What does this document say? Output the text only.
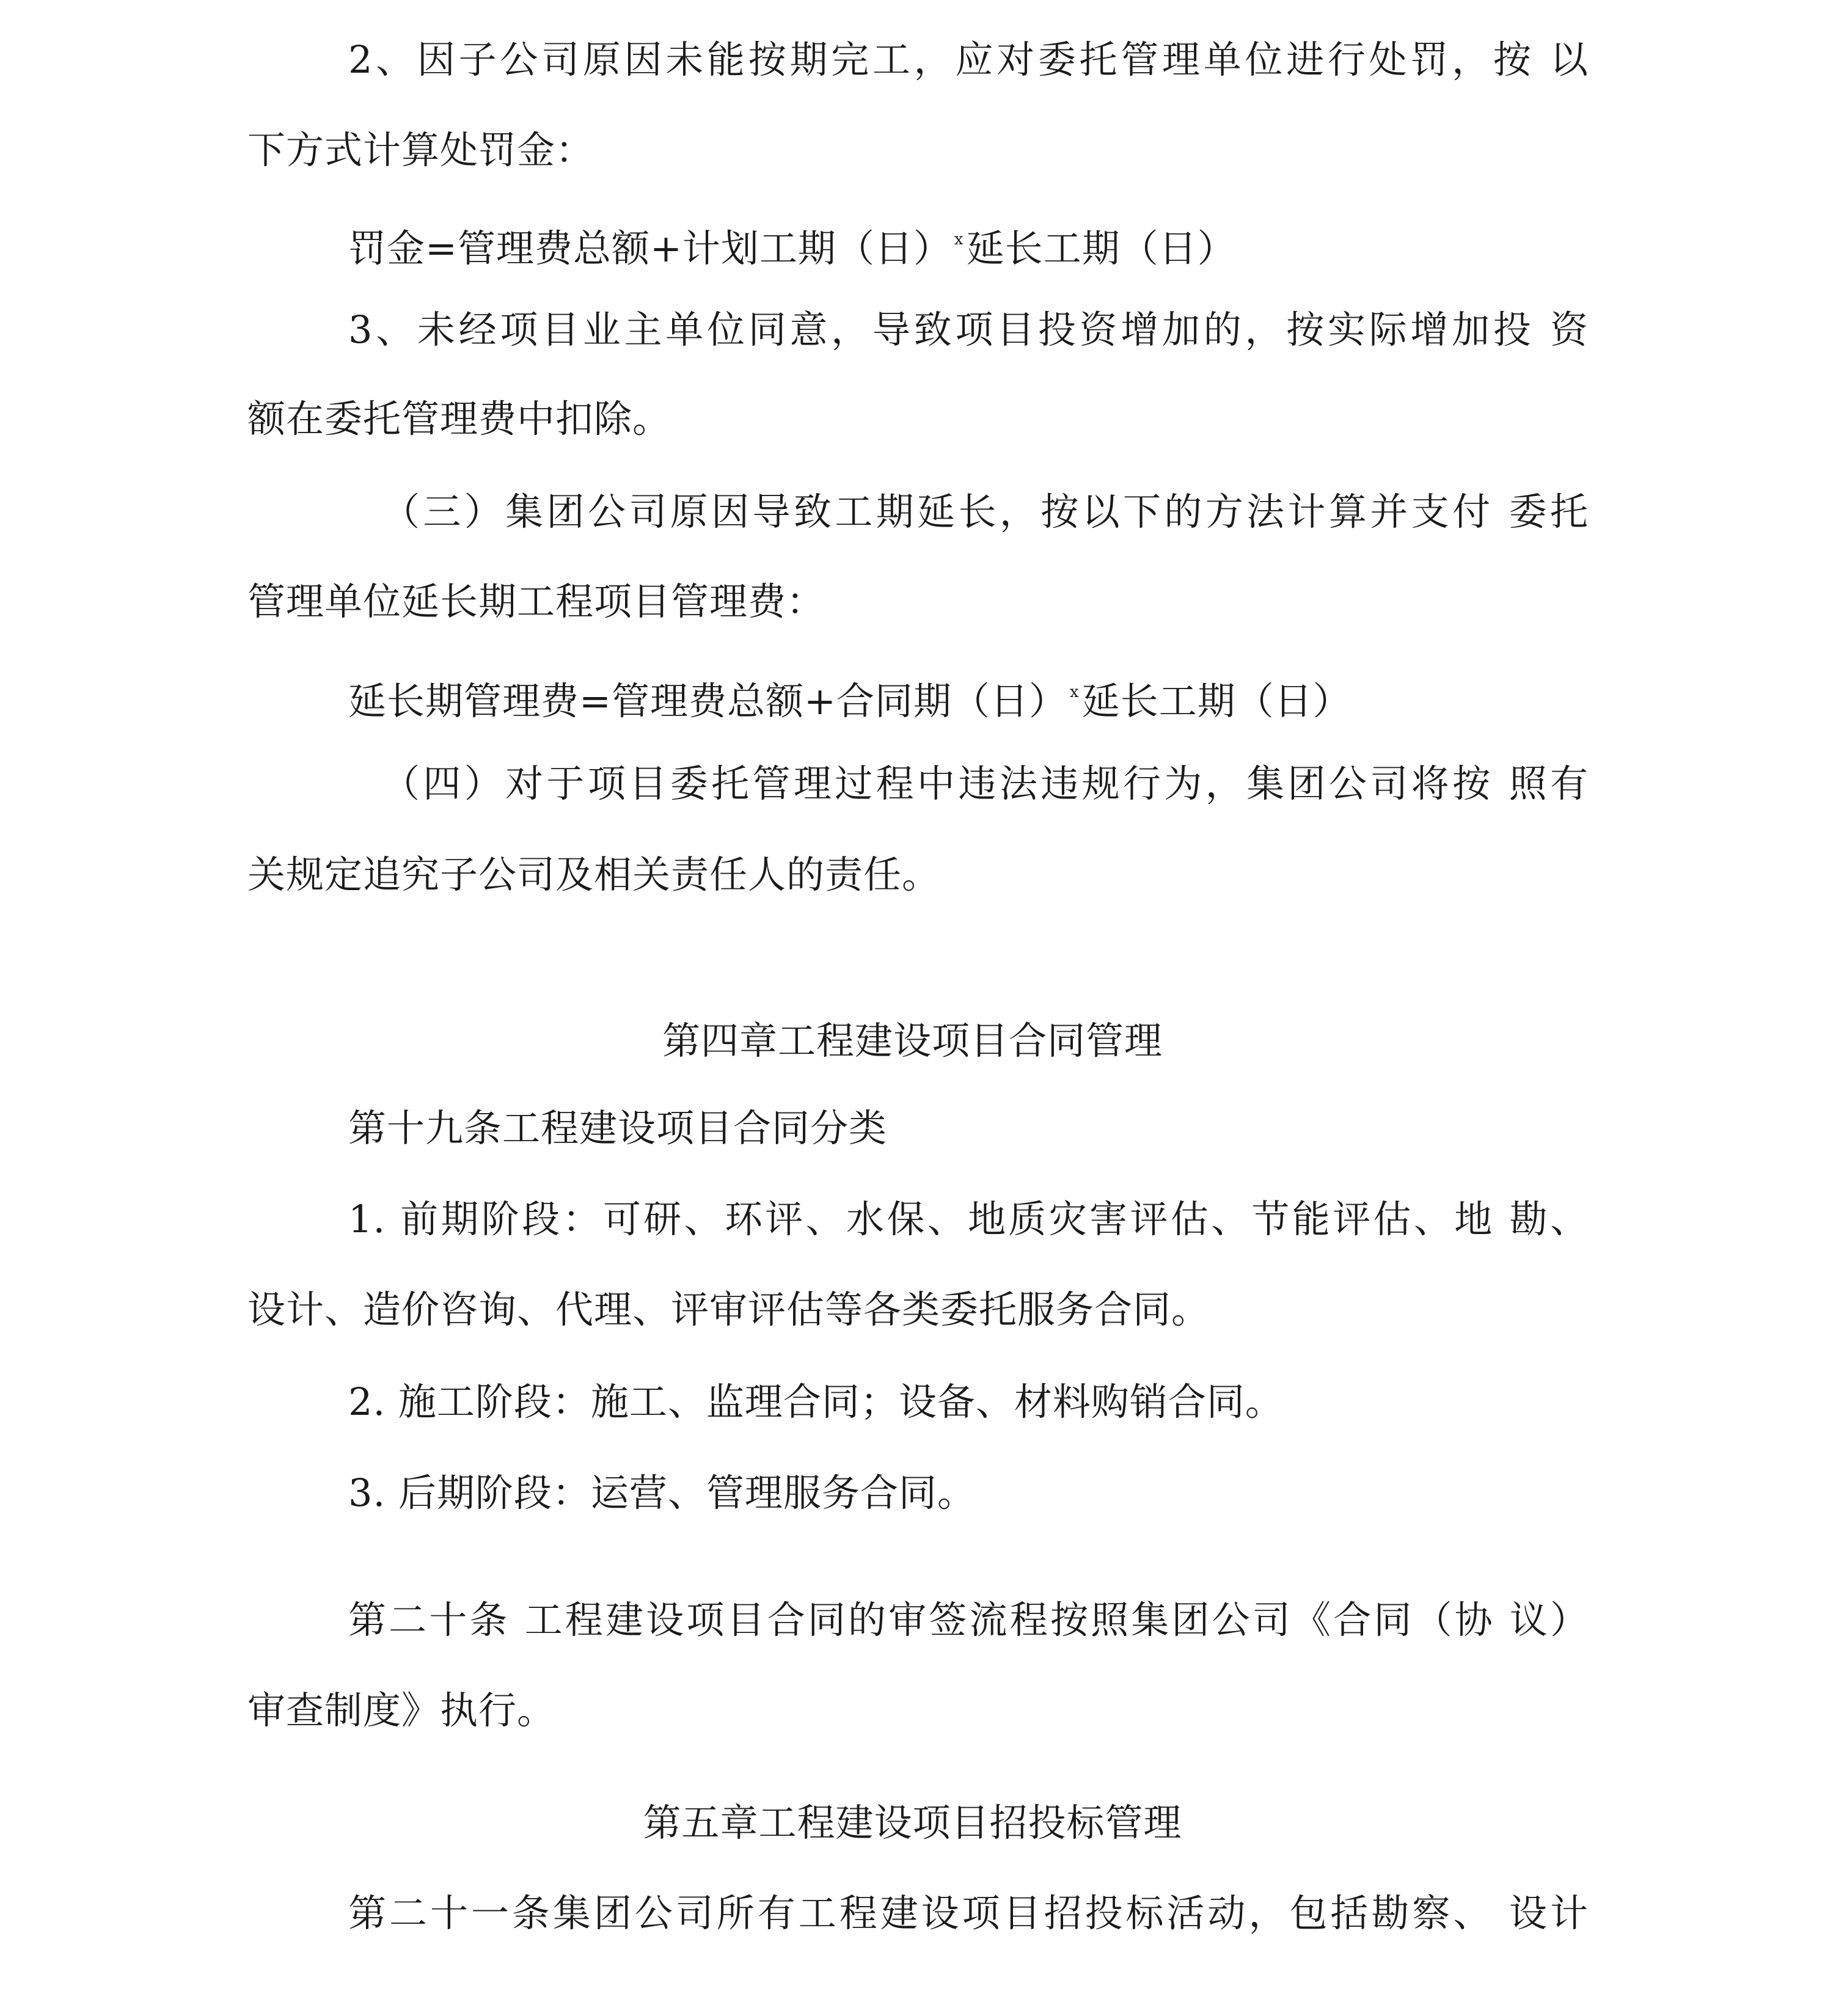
2、因子公司原因未能按期完工，应对委托管理单位进行处罚，按 以
下方式计算处罚金：
罚金=管理费总额+计划工期（日） $^x$延长工期（日）
3、未经项目业主单位同意，导致项目投资增加的，按实际增加投 资
额在委托管理费中扣除。
（三）集团公司原因导致工期延长，按以下的方法计算并支付 委托
管理单位延长期工程项目管理费：
延长期管理费=管理费总额+合同期（日） $^x$延长工期（日）
（四）对于项目委托管理过程中违法违规行为，集团公司将按 照有
关规定追究子公司及相关责任人的责任。
第四章工程建设项目合同管理
第十九条工程建设项目合同分类
1. 前期阶段：可研、环评、水保、地质灾害评估、节能评估、地 勘、
设计、造价咨询、代理、评审评估等各类委托服务合同。
2. 施工阶段：施工、监理合同；设备、材料购销合同。
3. 后期阶段：运营、管理服务合同。
第二十条 工程建设项目合同的审签流程按照集团公司《合同（协 议）
审查制度》执行。
第五章工程建设项目招投标管理
第二十一条集团公司所有工程建设项目招投标活动，包括勘察、 设计
